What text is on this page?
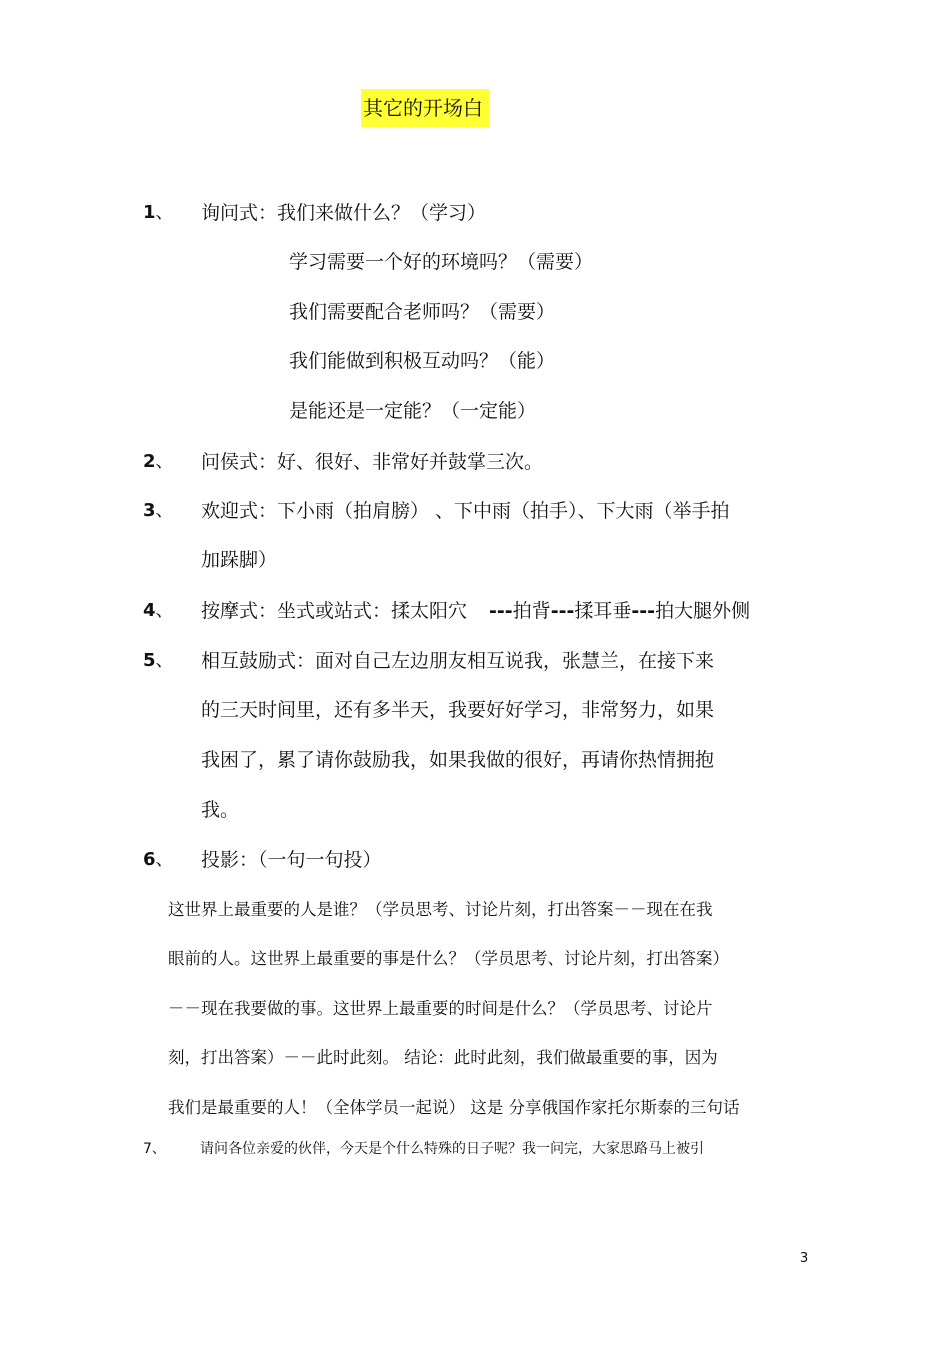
其它的开场白
1、 询问式：我们来做什么？（学习）
学习需要一个好的环境吗？（需要）
我们需要配合老师吗？（需要）
我们能做到积极互动吗？（能）
是能还是一定能？（一定能）
2、 问侯式：好、很好、非常好并鼓掌三次。
3、 欢迎式：下小雨（拍肩膀） 、下中雨（拍手）、下大雨（举手拍
加跺脚）
4、 按摩式：坐式或站式：揉太阳穴 ---拍背---揉耳垂---拍大腿外侧
5、 相互鼓励式：面对自己左边朋友相互说我，张慧兰，在接下来
的三天时间里，还有多半天，我要好好学习，非常努力，如果
我困了，累了请你鼓励我，如果我做的很好，再请你热情拥抱
我。
6、 投影：（一句一句投）
这世界上最重要的人是谁？（学员思考、讨论片刻，打出答案－－现在在我
眼前的人。这世界上最重要的事是什么？（学员思考、讨论片刻，打出答案）
－－现在我要做的事。这世界上最重要的时间是什么？（学员思考、讨论片
刻，打出答案）－－此时此刻。 结论：此时此刻，我们做最重要的事，因为
我们是最重要的人！（全体学员一起说） 这是 分享俄国作家托尔斯泰的三句话
7、 请问各位亲爱的伙伴，今天是个什么特殊的日子呢？我一问完，大家思路马上被引
3
